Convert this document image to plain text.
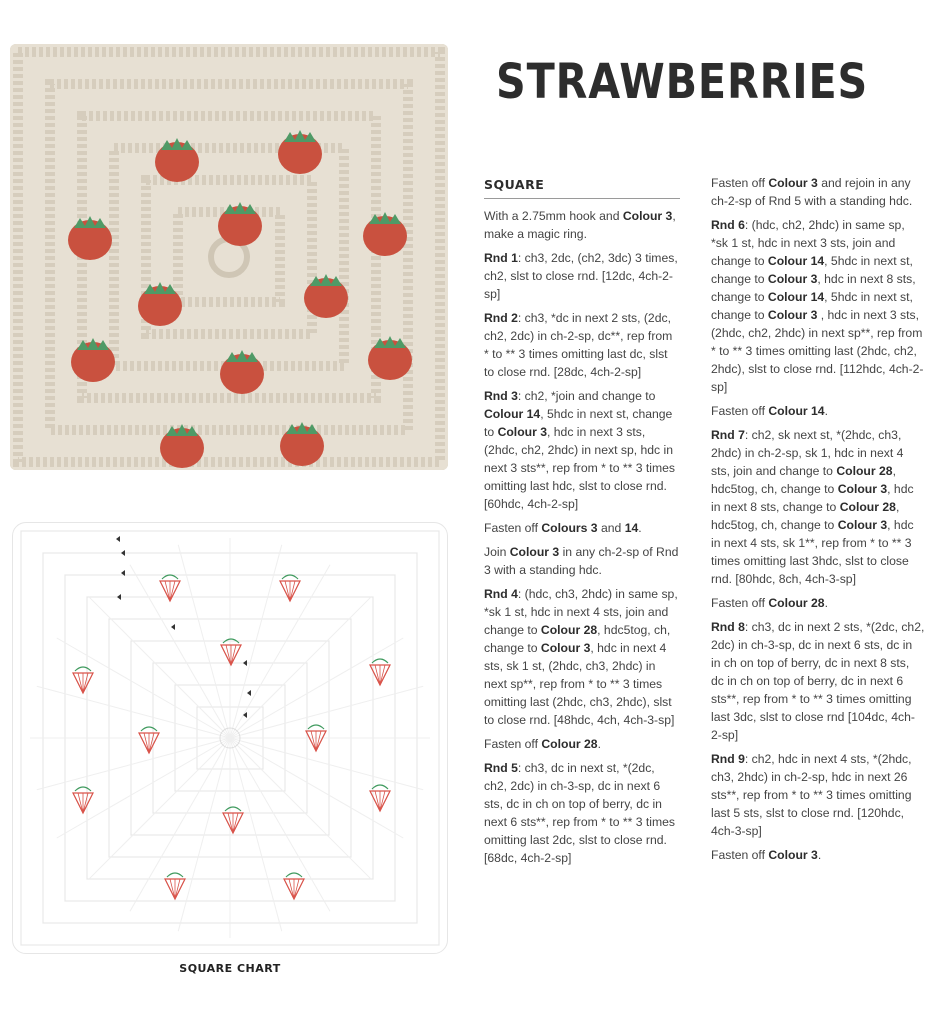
SQUARE CHART
STRAWBERRIES
SQUARE

With a 2.75mm hook and Colour 3, make a magic ring.

Rnd 1: ch3, 2dc, (ch2, 3dc) 3 times, ch2, slst to close rnd. [12dc, 4ch-2-sp]

Rnd 2: ch3, *dc in next 2 sts, (2dc, ch2, 2dc) in ch-2-sp, dc**, rep from * to ** 3 times omitting last dc, slst to close rnd. [28dc, 4ch-2-sp]

Rnd 3: ch2, *join and change to Colour 14, 5hdc in next st, change to Colour 3, hdc in next 3 sts, (2hdc, ch2, 2hdc) in next sp, hdc in next 3 sts**, rep from * to ** 3 times omitting last hdc, slst to close rnd. [60hdc, 4ch-2-sp]

Fasten off Colours 3 and 14.

Join Colour 3 in any ch-2-sp of Rnd 3 with a standing hdc.

Rnd 4: (hdc, ch3, 2hdc) in same sp, *sk 1 st, hdc in next 4 sts, join and change to Colour 28, hdc5tog, ch, change to Colour 3, hdc in next 4 sts, sk 1 st, (2hdc, ch3, 2hdc) in next sp**, rep from * to ** 3 times omitting last (2hdc, ch3, 2hdc), slst to close rnd. [48hdc, 4ch, 4ch-3-sp]

Fasten off Colour 28.

Rnd 5: ch3, dc in next st, *(2dc, ch2, 2dc) in ch-3-sp, dc in next 6 sts, dc in ch on top of berry, dc in next 6 sts**, rep from * to ** 3 times omitting last 2dc, slst to close rnd. [68dc, 4ch-2-sp]

Fasten off Colour 3 and rejoin in any ch-2-sp of Rnd 5 with a standing hdc.

Rnd 6: (hdc, ch2, 2hdc) in same sp, *sk 1 st, hdc in next 3 sts, join and change to Colour 14, 5hdc in next st, change to Colour 3, hdc in next 8 sts, change to Colour 14, 5hdc in next st, change to Colour 3 , hdc in next 3 sts, (2hdc, ch2, 2hdc) in next sp**, rep from * to ** 3 times omitting last (2hdc, ch2, 2hdc), slst to close rnd. [112hdc, 4ch-2-sp]

Fasten off Colour 14.

Rnd 7: ch2, sk next st, *(2hdc, ch3, 2hdc) in ch-2-sp, sk 1, hdc in next 4 sts, join and change to Colour 28, hdc5tog, ch, change to Colour 3, hdc in next 8 sts, change to Colour 28, hdc5tog, ch, change to Colour 3, hdc in next 4 sts, sk 1**, rep from * to ** 3 times omitting last 3hdc, slst to close rnd. [80hdc, 8ch, 4ch-3-sp]

Fasten off Colour 28.

Rnd 8: ch3, dc in next 2 sts, *(2dc, ch2, 2dc) in ch-3-sp, dc in next 6 sts, dc in in ch on top of berry, dc in next 8 sts, dc in ch on top of berry, dc in next 6 sts**, rep from * to ** 3 times omitting last 3dc, slst to close rnd [104dc, 4ch-2-sp]

Rnd 9: ch2, hdc in next 4 sts, *(2hdc, ch3, 2hdc) in ch-2-sp, hdc in next 26 sts**, rep from * to ** 3 times omitting last 5 sts, slst to close rnd. [120hdc, 4ch-3-sp]

Fasten off Colour 3.
